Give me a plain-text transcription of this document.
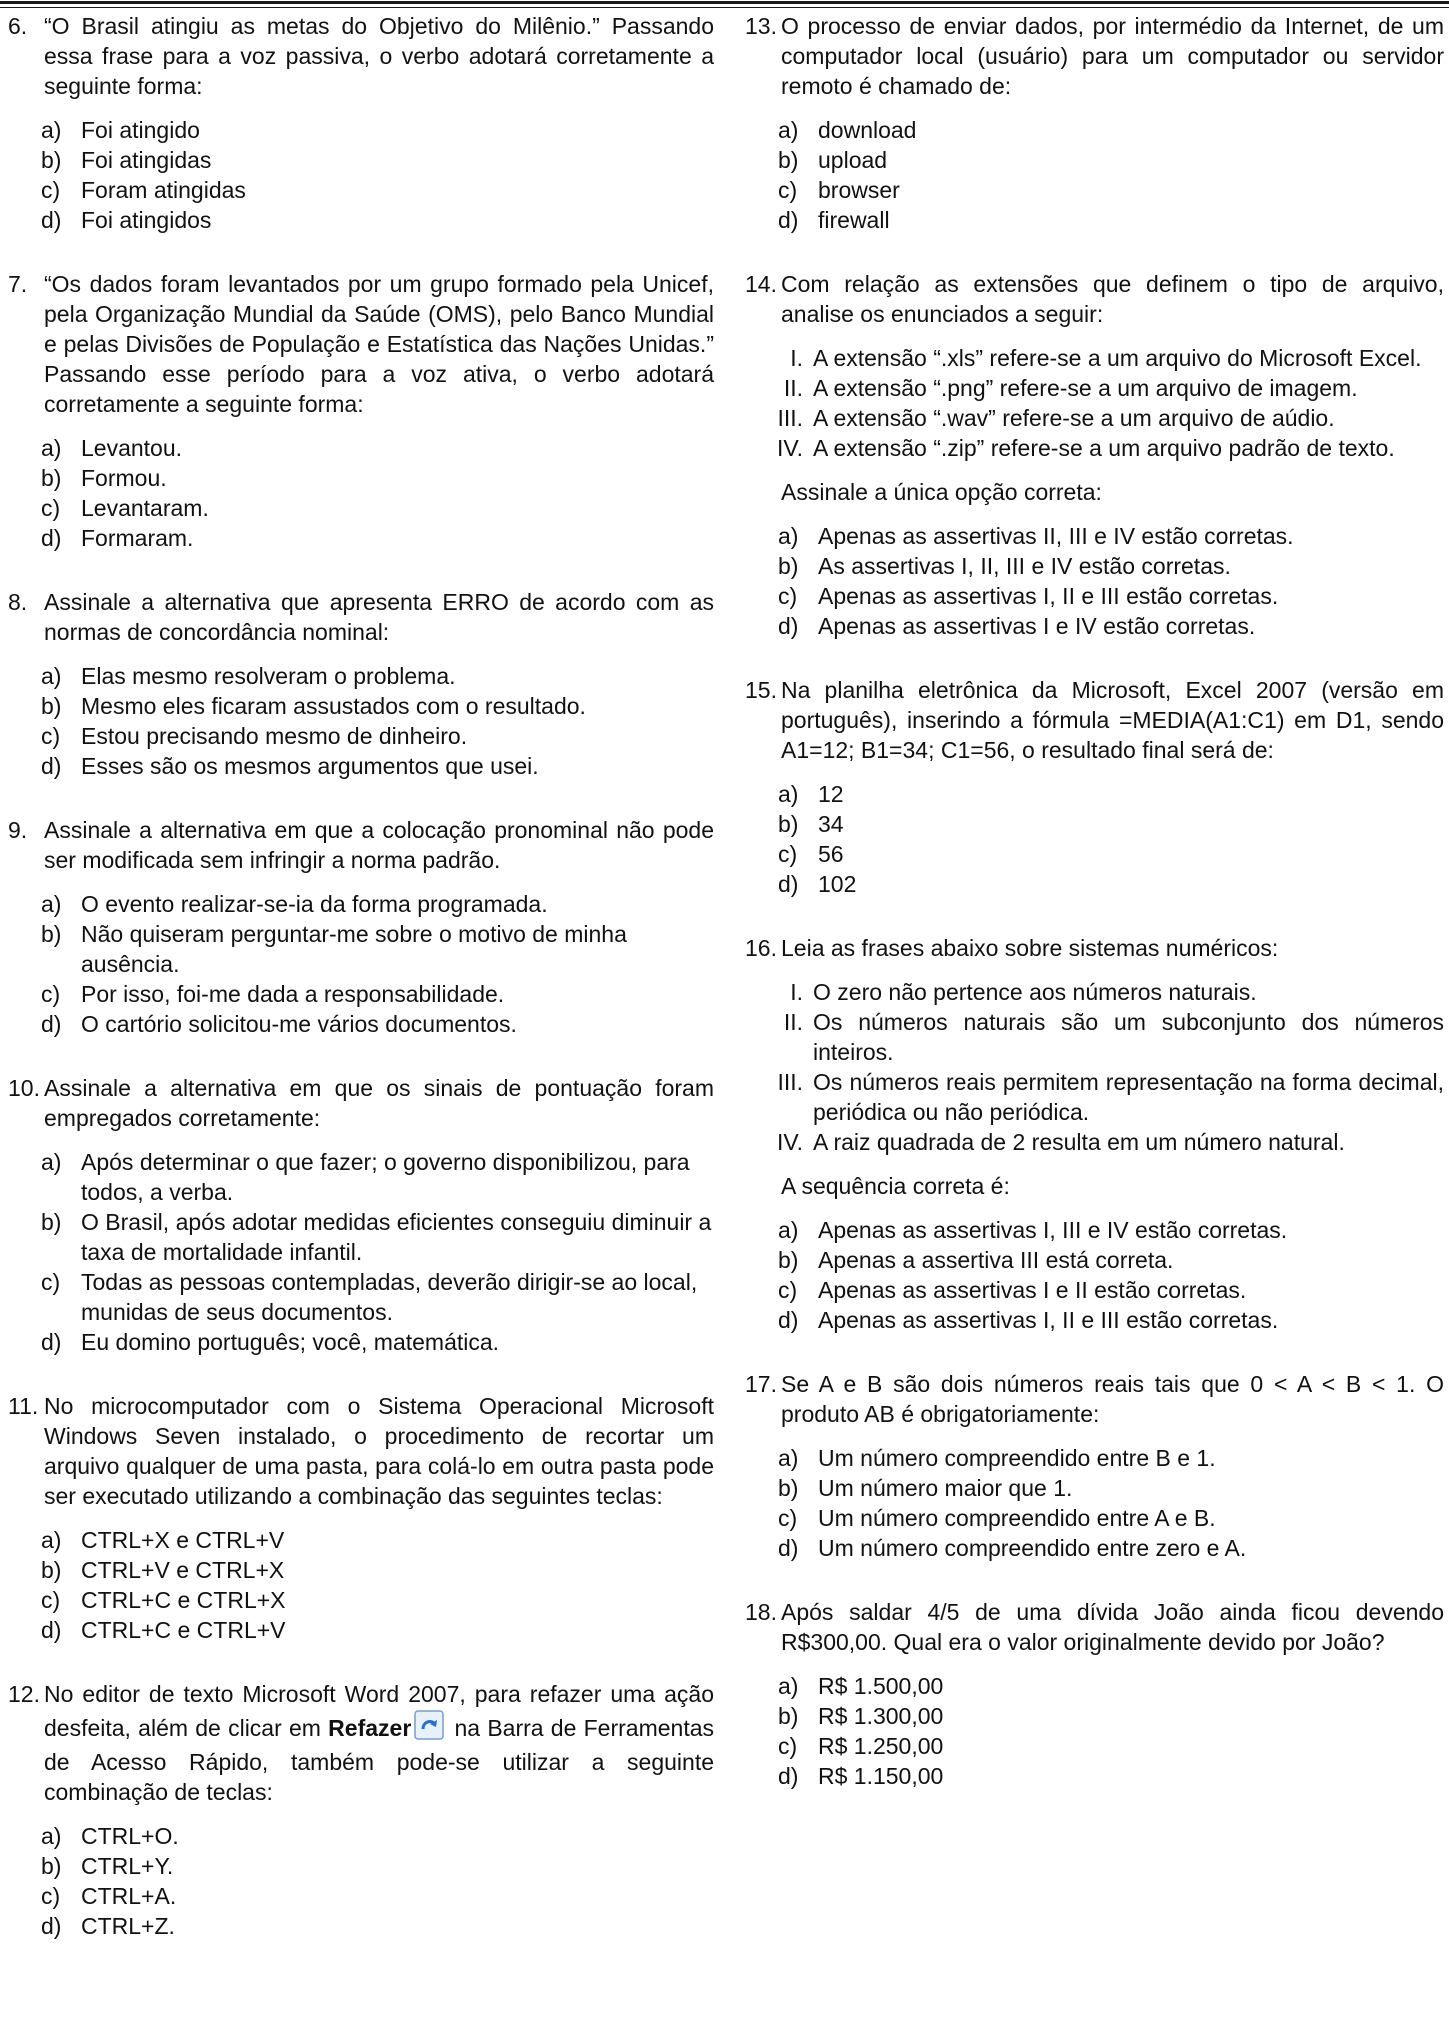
6. “O Brasil atingiu as metas do Objetivo do Milênio.” Passando essa frase para a voz passiva, o verbo adotará corretamente a seguinte forma:
a) Foi atingido
b) Foi atingidas
c) Foram atingidas
d) Foi atingidos
7. “Os dados foram levantados por um grupo formado pela Unicef, pela Organização Mundial da Saúde (OMS), pelo Banco Mundial e pelas Divisões de População e Estatística das Nações Unidas.” Passando esse período para a voz ativa, o verbo adotará corretamente a seguinte forma:
a) Levantou.
b) Formou.
c) Levantaram.
d) Formaram.
8. Assinale a alternativa que apresenta ERRO de acordo com as normas de concordância nominal:
a) Elas mesmo resolveram o problema.
b) Mesmo eles ficaram assustados com o resultado.
c) Estou precisando mesmo de dinheiro.
d) Esses são os mesmos argumentos que usei.
9. Assinale a alternativa em que a colocação pronominal não pode ser modificada sem infringir a norma padrão.
a) O evento realizar-se-ia da forma programada.
b) Não quiseram perguntar-me sobre o motivo de minha ausência.
c) Por isso, foi-me dada a responsabilidade.
d) O cartório solicitou-me vários documentos.
10. Assinale a alternativa em que os sinais de pontuação foram empregados corretamente:
a) Após determinar o que fazer; o governo disponibilizou, para todos, a verba.
b) O Brasil, após adotar medidas eficientes conseguiu diminuir a taxa de mortalidade infantil.
c) Todas as pessoas contempladas, deverão dirigir-se ao local, munidas de seus documentos.
d) Eu domino português; você, matemática.
11. No microcomputador com o Sistema Operacional Microsoft Windows Seven instalado, o procedimento de recortar um arquivo qualquer de uma pasta, para colá-lo em outra pasta pode ser executado utilizando a combinação das seguintes teclas:
a) CTRL+X e CTRL+V
b) CTRL+V e CTRL+X
c) CTRL+C e CTRL+X
d) CTRL+C e CTRL+V
12. No editor de texto Microsoft Word 2007, para refazer uma ação desfeita, além de clicar em Refazer na Barra de Ferramentas de Acesso Rápido, também pode-se utilizar a seguinte combinação de teclas:
a) CTRL+O.
b) CTRL+Y.
c) CTRL+A.
d) CTRL+Z.
13. O processo de enviar dados, por intermédio da Internet, de um computador local (usuário) para um computador ou servidor remoto é chamado de:
a) download
b) upload
c) browser
d) firewall
14. Com relação as extensões que definem o tipo de arquivo, analise os enunciados a seguir:
I. A extensão “.xls” refere-se a um arquivo do Microsoft Excel.
II. A extensão “.png” refere-se a um arquivo de imagem.
III. A extensão “.wav” refere-se a um arquivo de aúdio.
IV. A extensão “.zip” refere-se a um arquivo padrão de texto.
Assinale a única opção correta:
a) Apenas as assertivas II, III e IV estão corretas.
b) As assertivas I, II, III e IV estão corretas.
c) Apenas as assertivas I, II e III estão corretas.
d) Apenas as assertivas I e IV estão corretas.
15. Na planilha eletrônica da Microsoft, Excel 2007 (versão em português), inserindo a fórmula =MEDIA(A1:C1) em D1, sendo A1=12; B1=34; C1=56, o resultado final será de:
a) 12
b) 34
c) 56
d) 102
16. Leia as frases abaixo sobre sistemas numéricos:
I. O zero não pertence aos números naturais.
II. Os números naturais são um subconjunto dos números inteiros.
III. Os números reais permitem representação na forma decimal, periódica ou não periódica.
IV. A raiz quadrada de 2 resulta em um número natural.
A sequência correta é:
a) Apenas as assertivas I, III e IV estão corretas.
b) Apenas a assertiva III está correta.
c) Apenas as assertivas I e II estão corretas.
d) Apenas as assertivas I, II e III estão corretas.
17. Se A e B são dois números reais tais que 0 < A < B < 1. O produto AB é obrigatoriamente:
a) Um número compreendido entre B e 1.
b) Um número maior que 1.
c) Um número compreendido entre A e B.
d) Um número compreendido entre zero e A.
18. Após saldar 4/5 de uma dívida João ainda ficou devendo R$300,00. Qual era o valor originalmente devido por João?
a) R$ 1.500,00
b) R$ 1.300,00
c) R$ 1.250,00
d) R$ 1.150,00
